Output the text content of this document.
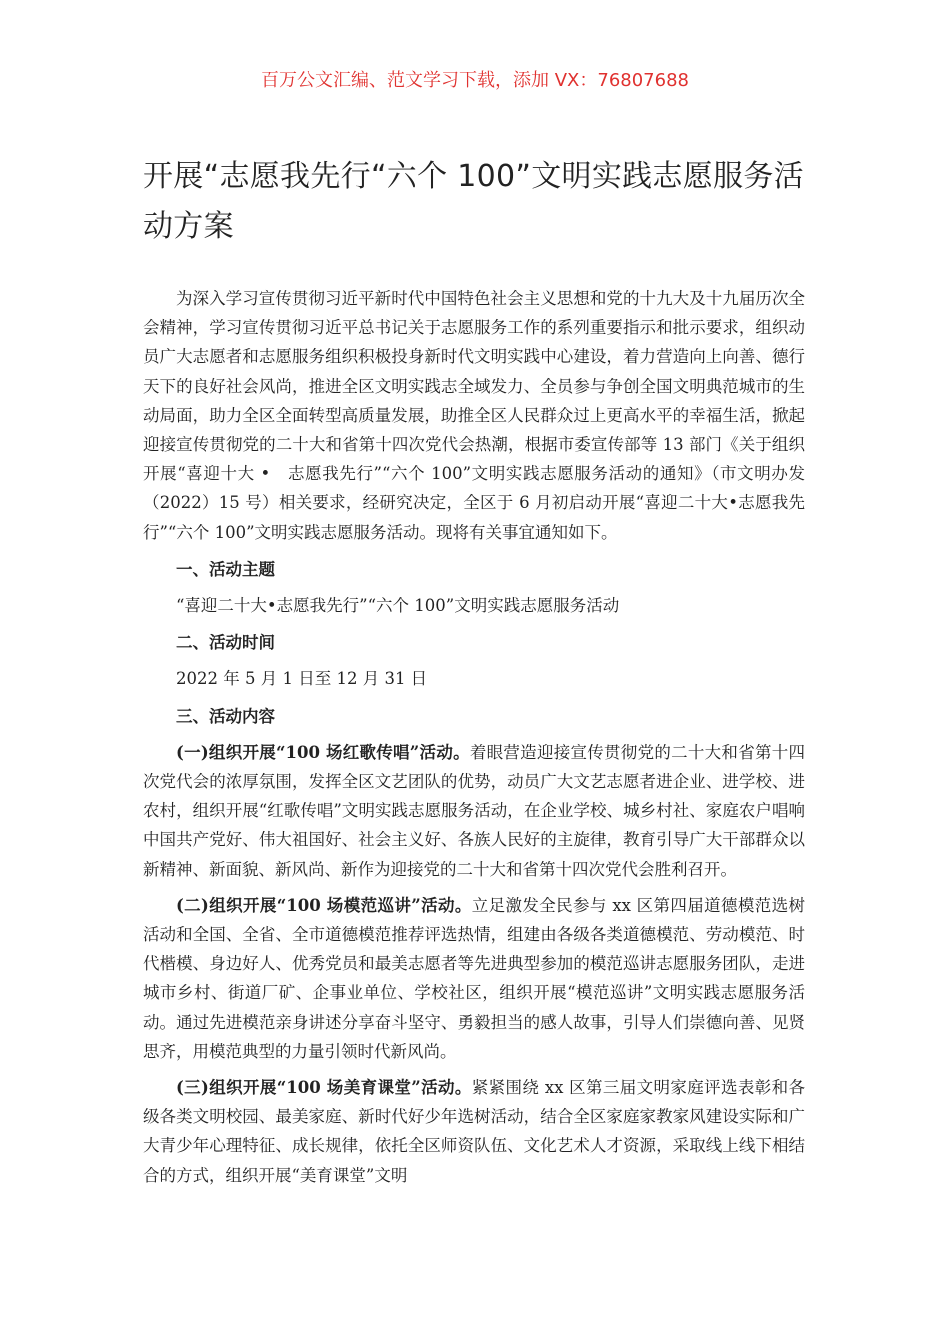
百万公文汇编、范文学习下载，添加 VX：76807688
开展“志愿我先行“六个 100”文明实践志愿服务活动方案

为深入学习宣传贯彻习近平新时代中国特色社会主义思想和党的十九大及十九届历次全会精神，学习宣传贯彻习近平总书记关于志愿服务工作的系列重要指示和批示要求，组织动员广大志愿者和志愿服务组织积极投身新时代文明实践中心建设，着力营造向上向善、德行天下的良好社会风尚，推进全区文明实践志全域发力、全员参与争创全国文明典范城市的生动局面，助力全区全面转型高质量发展，助推全区人民群众过上更高水平的幸福生活，掀起迎接宣传贯彻党的二十大和省第十四次党代会热潮，根据市委宣传部等 13 部门《关于组织开展“喜迎十大 •　志愿我先行”“六个 100”文明实践志愿服务活动的通知》（市文明办发（2022）15 号）相关要求，经研究决定，全区于 6 月初启动开展“喜迎二十大•志愿我先行”“六个 100”文明实践志愿服务活动。现将有关事宜通知如下。

一、活动主题

“喜迎二十大•志愿我先行”“六个 100”文明实践志愿服务活动

二、活动时间

2022 年 5 月 1 日至 12 月 31 日

三、活动内容

(一)组织开展“100 场红歌传唱”活动。着眼营造迎接宣传贯彻党的二十大和省第十四次党代会的浓厚氛围，发挥全区文艺团队的优势，动员广大文艺志愿者进企业、进学校、进农村，组织开展“红歌传唱”文明实践志愿服务活动，在企业学校、城乡村社、家庭农户唱响中国共产党好、伟大祖国好、社会主义好、各族人民好的主旋律，教育引导广大干部群众以新精神、新面貌、新风尚、新作为迎接党的二十大和省第十四次党代会胜利召开。

(二)组织开展“100 场模范巡讲”活动。立足激发全民参与 xx 区第四届道德模范选树活动和全国、全省、全市道德模范推荐评选热情，组建由各级各类道德模范、劳动模范、时代楷模、身边好人、优秀党员和最美志愿者等先进典型参加的模范巡讲志愿服务团队，走进城市乡村、街道厂矿、企事业单位、学校社区，组织开展“模范巡讲”文明实践志愿服务活动。通过先进模范亲身讲述分享奋斗坚守、勇毅担当的感人故事，引导人们崇德向善、见贤思齐，用模范典型的力量引领时代新风尚。

(三)组织开展“100 场美育课堂”活动。紧紧围绕 xx 区第三届文明家庭评选表彰和各级各类文明校园、最美家庭、新时代好少年选树活动，结合全区家庭家教家风建设实际和广大青少年心理特征、成长规律，依托全区师资队伍、文化艺术人才资源，采取线上线下相结合的方式，组织开展“美育课堂”文明
